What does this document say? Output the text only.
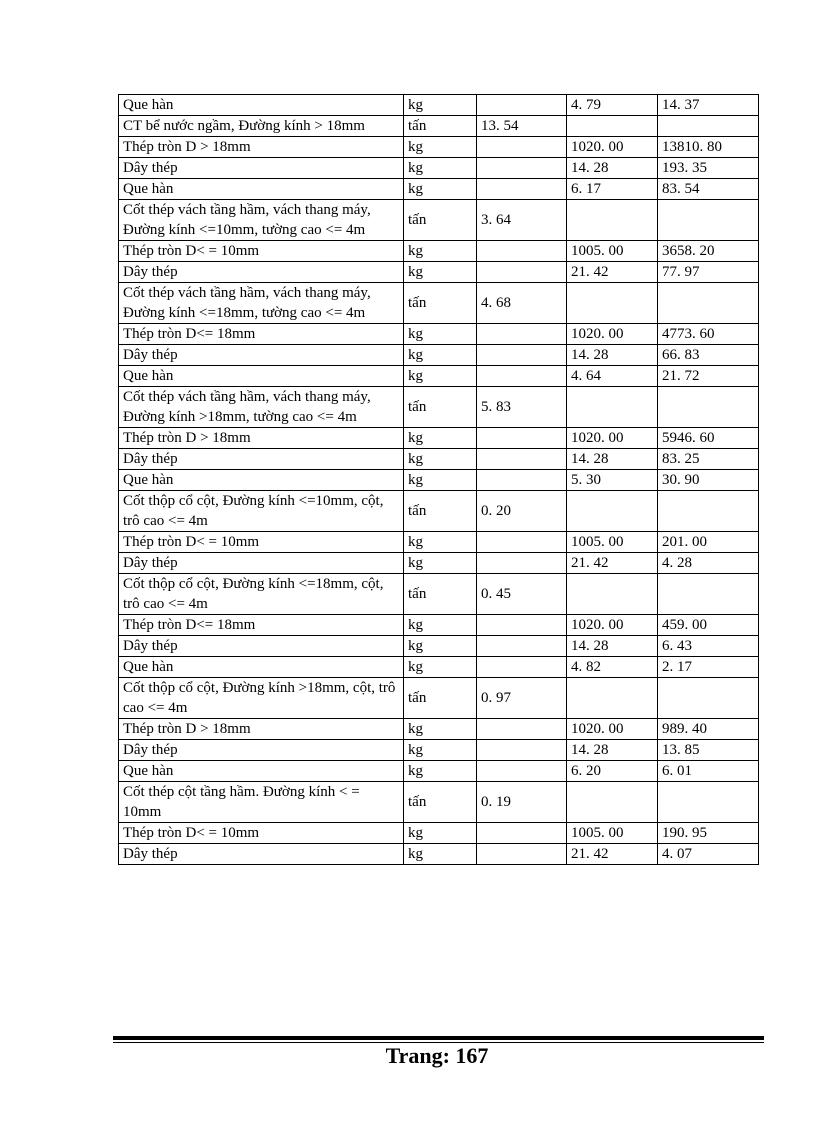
Que hàn	kg		4. 79	14. 37
CT bể nước ngầm, Đường kính > 18mm	tấn	13. 54		
Thép tròn D > 18mm	kg		1020. 00	13810. 80
Dây thép	kg		14. 28	193. 35
Que hàn	kg		6. 17	83. 54
Cốt thép vách tầng hầm, vách thang máy, Đường kính <=10mm, tường cao <= 4m	tấn	3. 64		
Thép tròn D< = 10mm	kg		1005. 00	3658. 20
Dây thép	kg		21. 42	77. 97
Cốt thép vách tầng hầm, vách thang máy, Đường kính <=18mm, tường cao <= 4m	tấn	4. 68		
Thép tròn D<= 18mm	kg		1020. 00	4773. 60
Dây thép	kg		14. 28	66. 83
Que hàn	kg		4. 64	21. 72
Cốt thép vách tầng hầm, vách thang máy, Đường kính >18mm, tường cao <= 4m	tấn	5. 83		
Thép tròn D > 18mm	kg		1020. 00	5946. 60
Dây thép	kg		14. 28	83. 25
Que hàn	kg		5. 30	30. 90
Cốt thộp cổ cột, Đường kính <=10mm, cột, trô cao <= 4m	tấn	0. 20		
Thép tròn D< = 10mm	kg		1005. 00	201. 00
Dây thép	kg		21. 42	4. 28
Cốt thộp cổ cột, Đường kính <=18mm, cột, trô cao <= 4m	tấn	0. 45		
Thép tròn D<= 18mm	kg		1020. 00	459. 00
Dây thép	kg		14. 28	6. 43
Que hàn	kg		4. 82	2. 17
Cốt thộp cổ cột, Đường kính >18mm, cột, trô cao <= 4m	tấn	0. 97		
Thép tròn D > 18mm	kg		1020. 00	989. 40
Dây thép	kg		14. 28	13. 85
Que hàn	kg		6. 20	6. 01
Cốt thép cột tầng hầm. Đường kính < = 10mm	tấn	0. 19		
Thép tròn D< = 10mm	kg		1005. 00	190. 95
Dây thép	kg		21. 42	4. 07
Trang: 167
